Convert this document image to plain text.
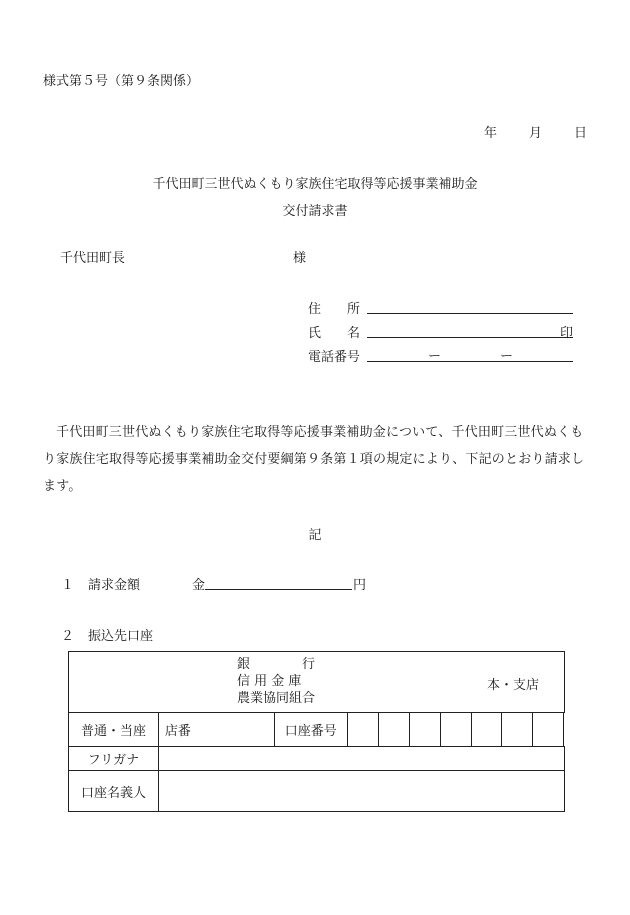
様式第５号（第９条関係）
年 月 日
千代田町三世代ぬくもり家族住宅取得等応援事業補助金
交付請求書
千代田町長	様
住　　所
氏　　名	印
電話番号	ー	ー
千代田町三世代ぬくもり家族住宅取得等応援事業補助金について、千代田町三世代ぬくもり家族住宅取得等応援事業補助金交付要綱第９条第１項の規定により、下記のとおり請求します。
記
１ 請求金額	金	円
２ 振込先口座
銀　　　　行
信 用 金 庫
農業協同組合
本・支店										

普通・当座	店番	口座番号								
フリガナ										
口座名義人										
